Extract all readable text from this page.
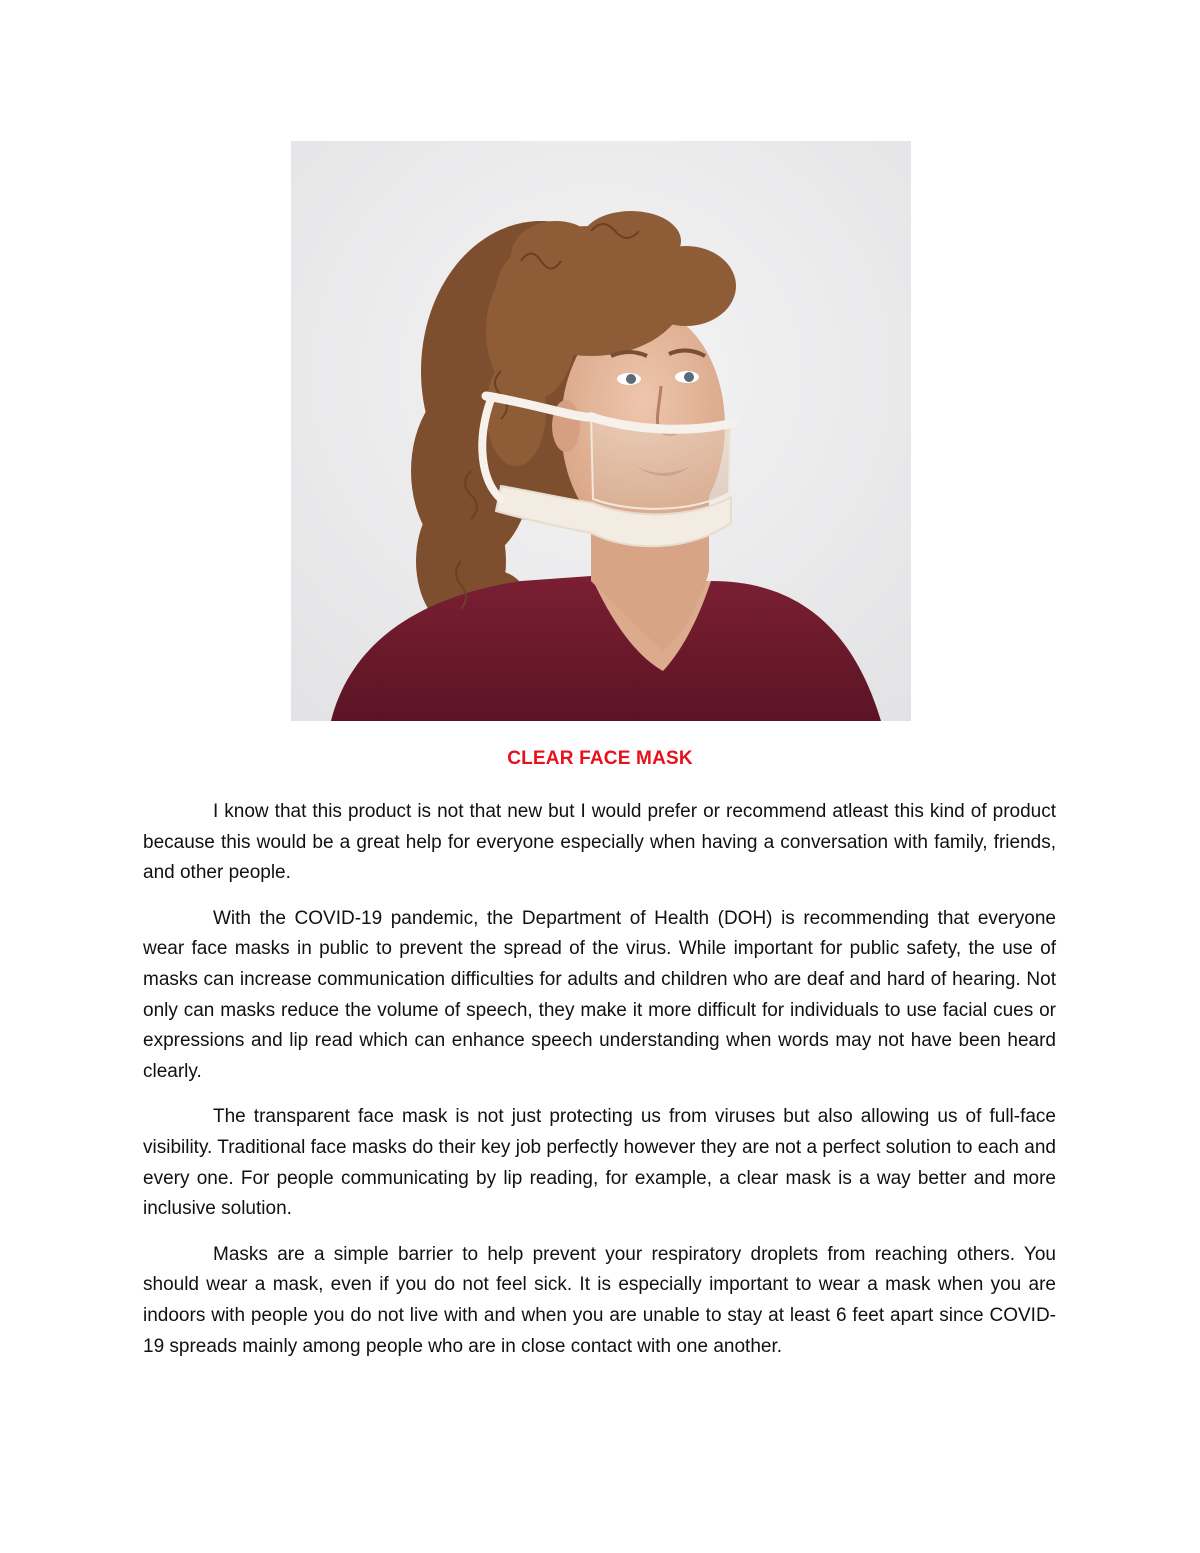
CLEAR FACE MASK

I know that this product is not that new but I would prefer or recommend atleast this kind of product because this would be a great help for everyone especially when having a conversation with family, friends, and other people.

With the COVID-19 pandemic, the Department of Health (DOH) is recommending that everyone wear face masks in public to prevent the spread of the virus. While important for public safety, the use of masks can increase communication difficulties for adults and children who are deaf and hard of hearing. Not only can masks reduce the volume of speech, they make it more difficult for individuals to use facial cues or expressions and lip read which can enhance speech understanding when words may not have been heard clearly.

The transparent face mask is not just protecting us from viruses but also allowing us of full-face visibility. Traditional face masks do their key job perfectly however they are not a perfect solution to each and every one. For people communicating by lip reading, for example, a clear mask is a way better and more inclusive solution.

Masks are a simple barrier to help prevent your respiratory droplets from reaching others. You should wear a mask, even if you do not feel sick. It is especially important to wear a mask when you are indoors with people you do not live with and when you are unable to stay at least 6 feet apart since COVID-19 spreads mainly among people who are in close contact with one another.
